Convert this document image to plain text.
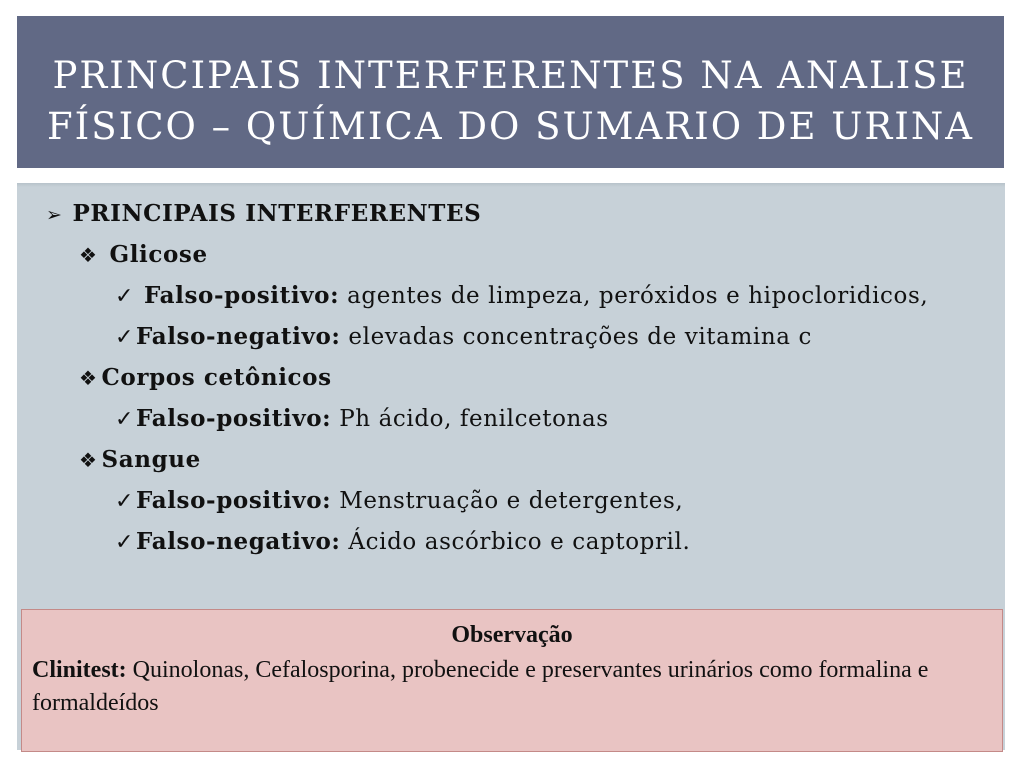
PRINCIPAIS INTERFERENTES NA ANALISE
FÍSICO – QUÍMICA DO SUMARIO DE URINA
➢ PRINCIPAIS INTERFERENTES
❖ Glicose
✓ Falso-positivo: agentes de limpeza, peróxidos e hipocloridicos,
✓Falso-negativo: elevadas concentrações de vitamina c
❖ Corpos cetônicos
✓Falso-positivo: Ph ácido, fenilcetonas
❖ Sangue
✓Falso-positivo: Menstruação e detergentes,
✓Falso-negativo: Ácido ascórbico e captopril.
Observação
Clinitest: Quinolonas, Cefalosporina, probenecide e preservantes urinários como formalina e formaldeídos
